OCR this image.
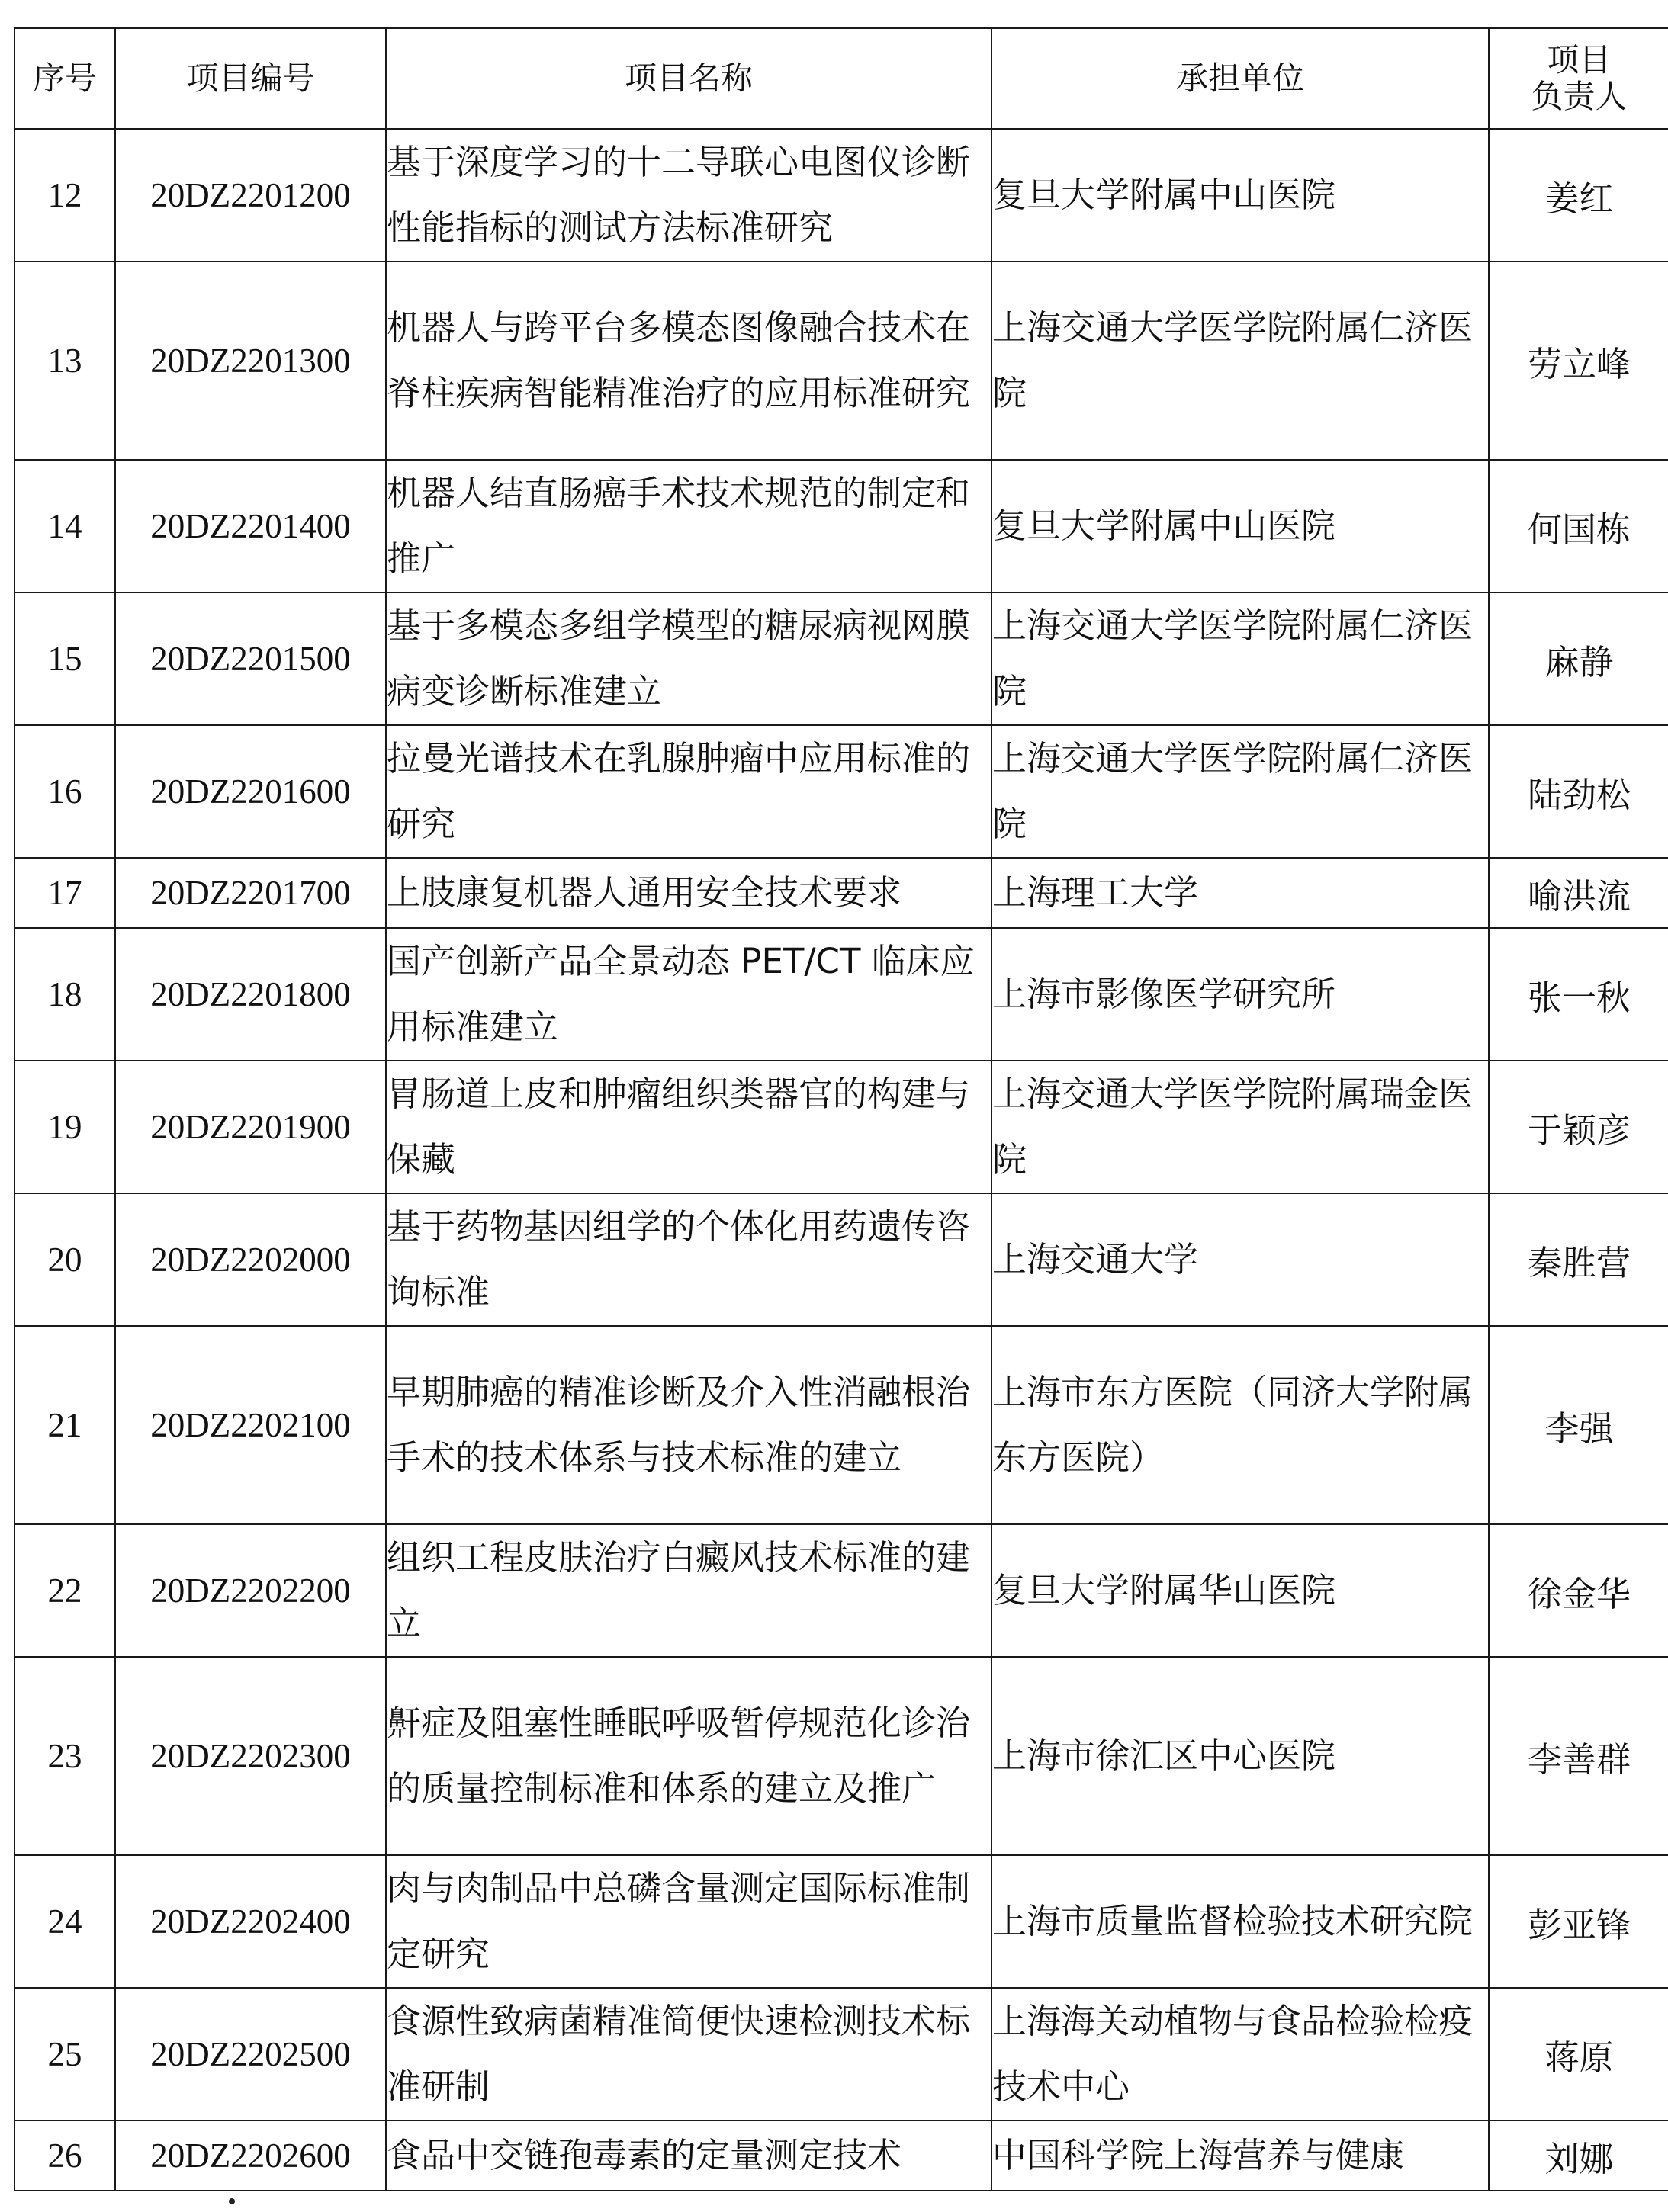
序号	项目编号	项目名称	承担单位	项目
负责人

12	20DZ2201200	基于深度学习的十二导联心电图仪诊断性能指标的测试方法标准研究	复旦大学附属中山医院	姜红
13	20DZ2201300	机器人与跨平台多模态图像融合技术在脊柱疾病智能精准治疗的应用标准研究	上海交通大学医学院附属仁济医院	劳立峰
14	20DZ2201400	机器人结直肠癌手术技术规范的制定和推广	复旦大学附属中山医院	何国栋
15	20DZ2201500	基于多模态多组学模型的糖尿病视网膜病变诊断标准建立	上海交通大学医学院附属仁济医院	麻静
16	20DZ2201600	拉曼光谱技术在乳腺肿瘤中应用标准的研究	上海交通大学医学院附属仁济医院	陆劲松
17	20DZ2201700	上肢康复机器人通用安全技术要求	上海理工大学	喻洪流
18	20DZ2201800	国产创新产品全景动态 PET/CT 临床应用标准建立	上海市影像医学研究所	张一秋
19	20DZ2201900	胃肠道上皮和肿瘤组织类器官的构建与保藏	上海交通大学医学院附属瑞金医院	于颖彦
20	20DZ2202000	基于药物基因组学的个体化用药遗传咨询标准	上海交通大学	秦胜营
21	20DZ2202100	早期肺癌的精准诊断及介入性消融根治手术的技术体系与技术标准的建立	上海市东方医院（同济大学附属东方医院）	李强
22	20DZ2202200	组织工程皮肤治疗白癜风技术标准的建立	复旦大学附属华山医院	徐金华
23	20DZ2202300	鼾症及阻塞性睡眠呼吸暂停规范化诊治的质量控制标准和体系的建立及推广	上海市徐汇区中心医院	李善群
24	20DZ2202400	肉与肉制品中总磷含量测定国际标准制定研究	上海市质量监督检验技术研究院	彭亚锋
25	20DZ2202500	食源性致病菌精准简便快速检测技术标准研制	上海海关动植物与食品检验检疫技术中心	蒋原
26	20DZ2202600	食品中交链孢毒素的定量测定技术	中国科学院上海营养与健康	刘娜
